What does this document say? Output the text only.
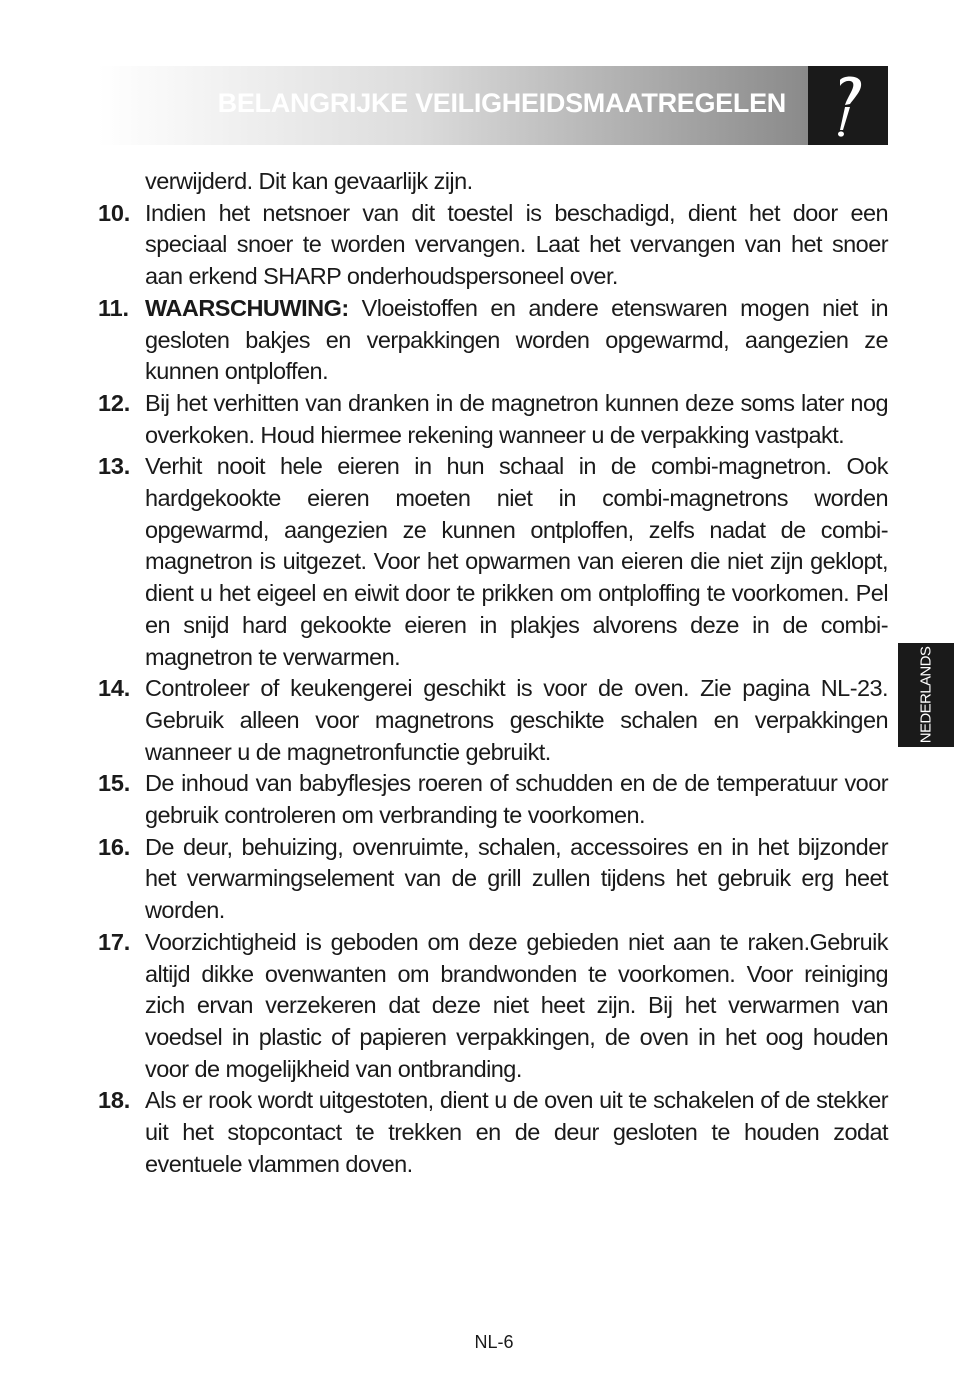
BELANGRIJKE VEILIGHEIDSMAATREGELEN
NEDERLANDS

verwijderd. Dit kan gevaarlijk zijn.

10. Indien het netsnoer van dit toestel is beschadigd, dient het door een speciaal snoer te worden vervangen. Laat het vervangen van het snoer aan erkend SHARP onderhoudspersoneel over.

11. WAARSCHUWING: Vloeistoffen en andere etenswaren mogen niet in gesloten bakjes en verpakkingen worden opgewarmd, aangezien ze kunnen ontploffen.

12. Bij het verhitten van dranken in de magnetron kunnen deze soms later nog overkoken. Houd hiermee rekening wanneer u de verpakking vastpakt.

13. Verhit nooit hele eieren in hun schaal in de combi-magnetron. Ook hardgekookte eieren moeten niet in combi-magnetrons worden opgewarmd, aangezien ze kunnen ontploffen, zelfs nadat de combi-magnetron is uitgezet. Voor het opwarmen van eieren die niet zijn geklopt, dient u het eigeel en eiwit door te prikken om ontploffing te voorkomen. Pel en snijd hard gekookte eieren in plakjes alvorens deze in de combi-magnetron te verwarmen.

14. Controleer of keukengerei geschikt is voor de oven. Zie pagina NL-23. Gebruik alleen voor magnetrons geschikte schalen en verpakkingen wanneer u de magnetronfunctie gebruikt.

15. De inhoud van babyflesjes roeren of schudden en de de temperatuur voor gebruik controleren om verbranding te voorkomen.

16. De deur, behuizing, ovenruimte, schalen, accessoires en in het bijzonder het verwarmingselement van de grill zullen tijdens het gebruik erg heet worden.

17. Voorzichtigheid is geboden om deze gebieden niet aan te raken.Gebruik altijd dikke ovenwanten om brandwonden te voorkomen. Voor reiniging zich ervan verzekeren dat deze niet heet zijn. Bij het verwarmen van voedsel in plastic of papieren verpakkingen, de oven in het oog houden voor de mogelijkheid van ontbranding.

18. Als er rook wordt uitgestoten, dient u de oven uit te schakelen of de stekker uit het stopcontact te trekken en de deur gesloten te houden zodat eventuele vlammen doven.

NL-6
